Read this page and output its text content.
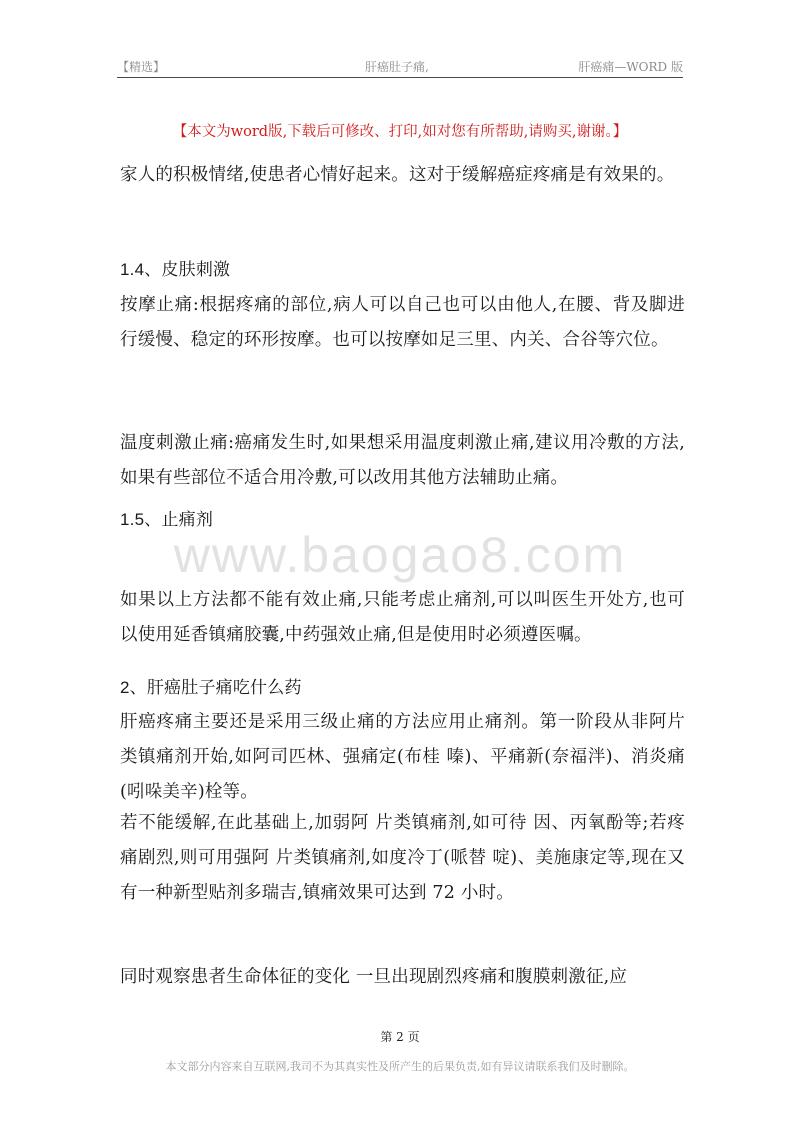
【精选】	肝癌肚子痛,	肝癌痛—WORD 版
【本文为word版,下载后可修改、打印,如对您有所帮助,请购买,谢谢。】
www.baogao8.com
家人的积极情绪,使患者心情好起来。这对于缓解癌症疼痛是有效果的。
1.4、皮肤刺激
按摩止痛:根据疼痛的部位,病人可以自己也可以由他人,在腰、背及脚进行缓慢、稳定的环形按摩。也可以按摩如足三里、内关、合谷等穴位。
温度刺激止痛:癌痛发生时,如果想采用温度刺激止痛,建议用冷敷的方法,如果有些部位不适合用冷敷,可以改用其他方法辅助止痛。
1.5、止痛剂
如果以上方法都不能有效止痛,只能考虑止痛剂,可以叫医生开处方,也可以使用延香镇痛胶囊,中药强效止痛,但是使用时必须遵医嘱。
2、肝癌肚子痛吃什么药
肝癌疼痛主要还是采用三级止痛的方法应用止痛剂。第一阶段从非阿片类镇痛剂开始,如阿司匹林、强痛定(布桂 嗪)、平痛新(奈福泮)、消炎痛(吲哚美辛)栓等。
若不能缓解,在此基础上,加弱阿 片类镇痛剂,如可待 因、丙氧酚等;若疼痛剧烈,则可用强阿 片类镇痛剂,如度冷丁(哌替 啶)、美施康定等,现在又有一种新型贴剂多瑞吉,镇痛效果可达到 72 小时。
同时观察患者生命体征的变化 一旦出现剧烈疼痛和腹膜刺激征,应
第 2 页
本文部分内容来自互联网,我司不为其真实性及所产生的后果负责,如有异议请联系我们及时删除。
